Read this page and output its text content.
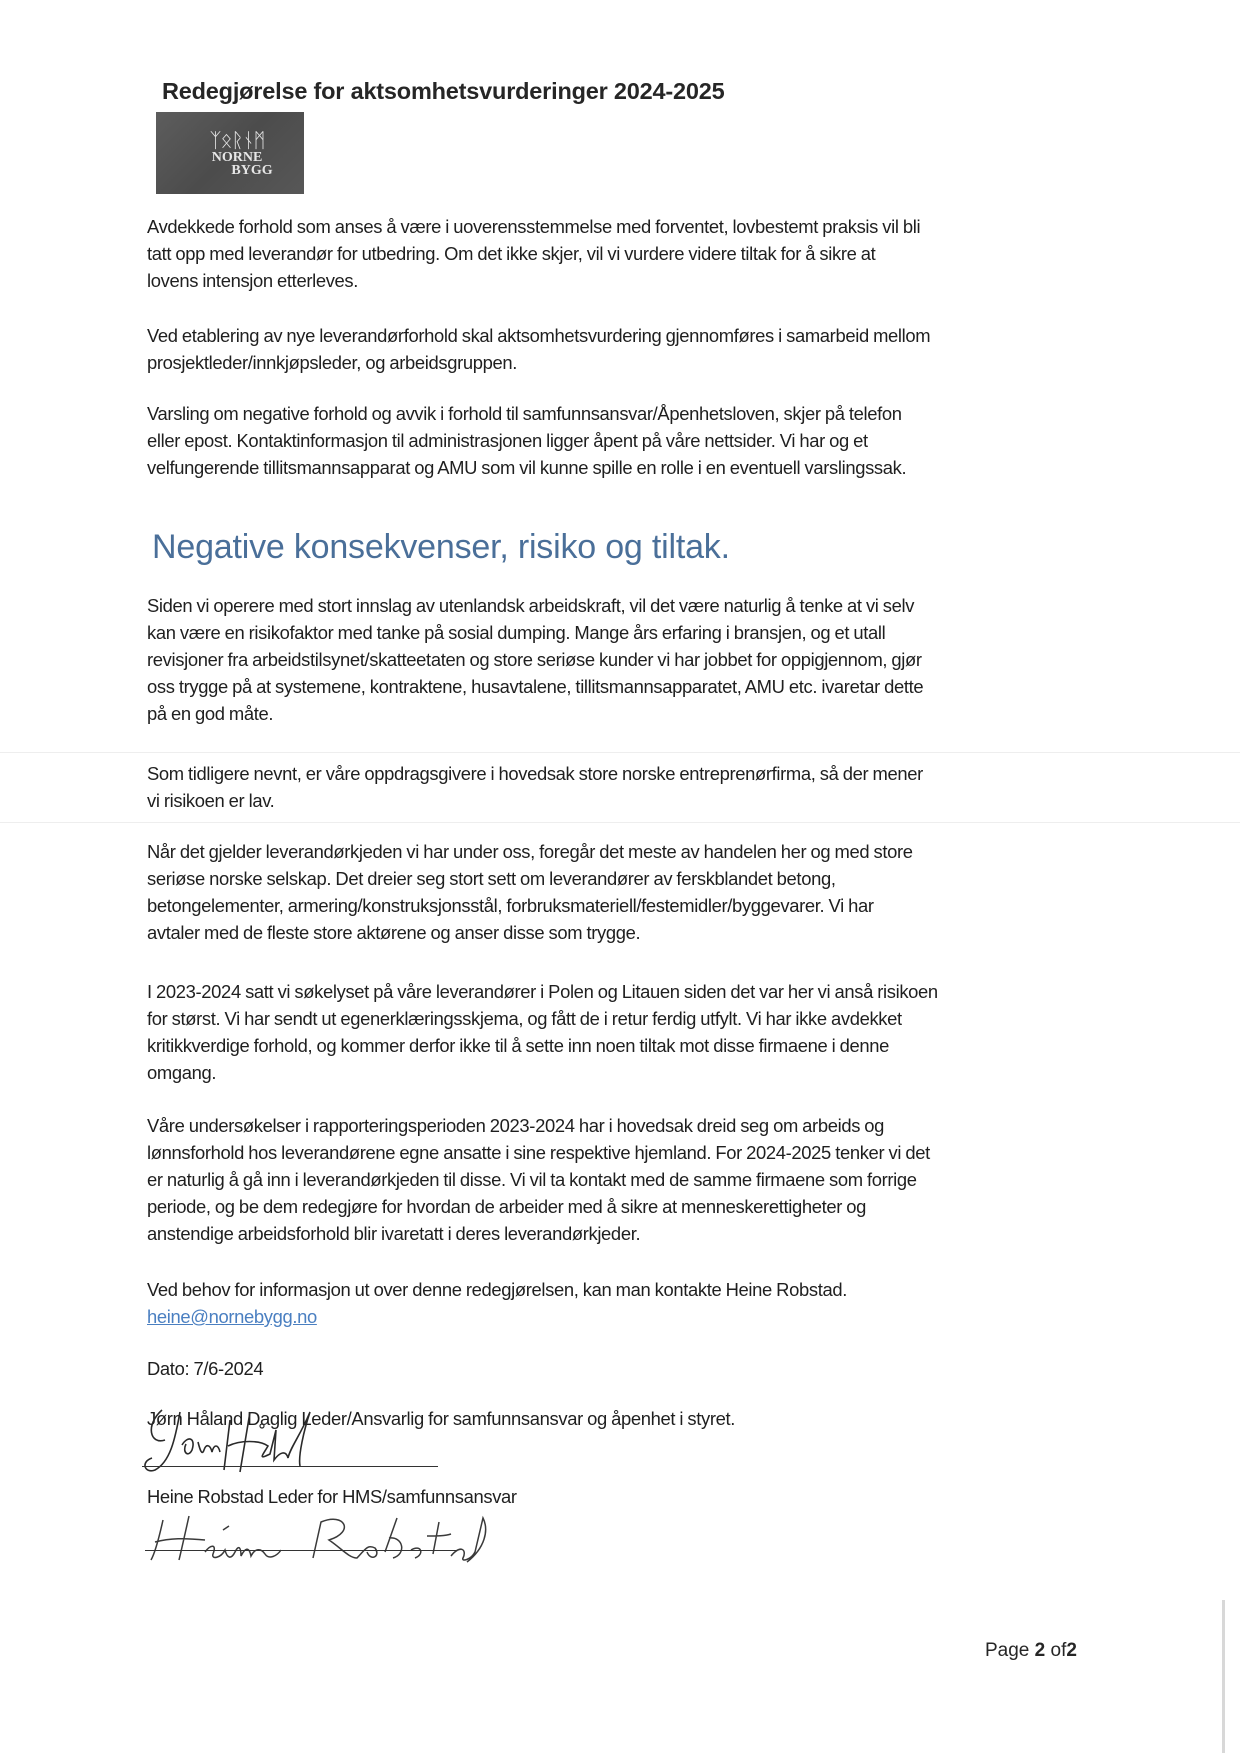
Redegjørelse for aktsomhetsvurderinger 2024-2025
ᛉᛟᚱᚾᛗ
NORNE
BYGG
Avdekkede forhold som anses å være i uoverensstemmelse med forventet, lovbestemt praksis vil bli
tatt opp med leverandør for utbedring. Om det ikke skjer, vil vi vurdere videre tiltak for å sikre at
lovens intensjon etterleves.
Ved etablering av nye leverandørforhold skal aktsomhetsvurdering gjennomføres i samarbeid mellom
prosjektleder/innkjøpsleder, og arbeidsgruppen.
Varsling om negative forhold og avvik i forhold til samfunnsansvar/Åpenhetsloven, skjer på telefon
eller epost. Kontaktinformasjon til administrasjonen ligger åpent på våre nettsider. Vi har og et
velfungerende tillitsmannsapparat og AMU som vil kunne spille en rolle i en eventuell varslingssak.
Negative konsekvenser, risiko og tiltak.
Siden vi operere med stort innslag av utenlandsk arbeidskraft, vil det være naturlig å tenke at vi selv
kan være en risikofaktor med tanke på sosial dumping. Mange års erfaring i bransjen, og et utall
revisjoner fra arbeidstilsynet/skatteetaten og store seriøse kunder vi har jobbet for oppigjennom, gjør
oss trygge på at systemene, kontraktene, husavtalene, tillitsmannsapparatet, AMU etc. ivaretar dette
på en god måte.
Som tidligere nevnt, er våre oppdragsgivere i hovedsak store norske entreprenørfirma, så der mener
vi risikoen er lav.
Når det gjelder leverandørkjeden vi har under oss, foregår det meste av handelen her og med store
seriøse norske selskap. Det dreier seg stort sett om leverandører av ferskblandet betong,
betongelementer, armering/konstruksjonsstål, forbruksmateriell/festemidler/byggevarer. Vi har
avtaler med de fleste store aktørene og anser disse som trygge.
I 2023-2024 satt vi søkelyset på våre leverandører i Polen og Litauen siden det var her vi anså risikoen
for størst. Vi har sendt ut egenerklæringsskjema, og fått de i retur ferdig utfylt. Vi har ikke avdekket
kritikkverdige forhold, og kommer derfor ikke til å sette inn noen tiltak mot disse firmaene i denne
omgang.
Våre undersøkelser i rapporteringsperioden 2023-2024 har i hovedsak dreid seg om arbeids og
lønnsforhold hos leverandørene egne ansatte i sine respektive hjemland. For 2024-2025 tenker vi det
er naturlig å gå inn i leverandørkjeden til disse. Vi vil ta kontakt med de samme firmaene som forrige
periode, og be dem redegjøre for hvordan de arbeider med å sikre at menneskerettigheter og
anstendige arbeidsforhold blir ivaretatt i deres leverandørkjeder.
Ved behov for informasjon ut over denne redegjørelsen, kan man kontakte Heine Robstad.
heine@nornebygg.no
Dato: 7/6-2024
Jørn Håland Daglig Leder/Ansvarlig for samfunnsansvar og åpenhet i styret.
Heine Robstad Leder for HMS/samfunnsansvar
Page 2 of2
